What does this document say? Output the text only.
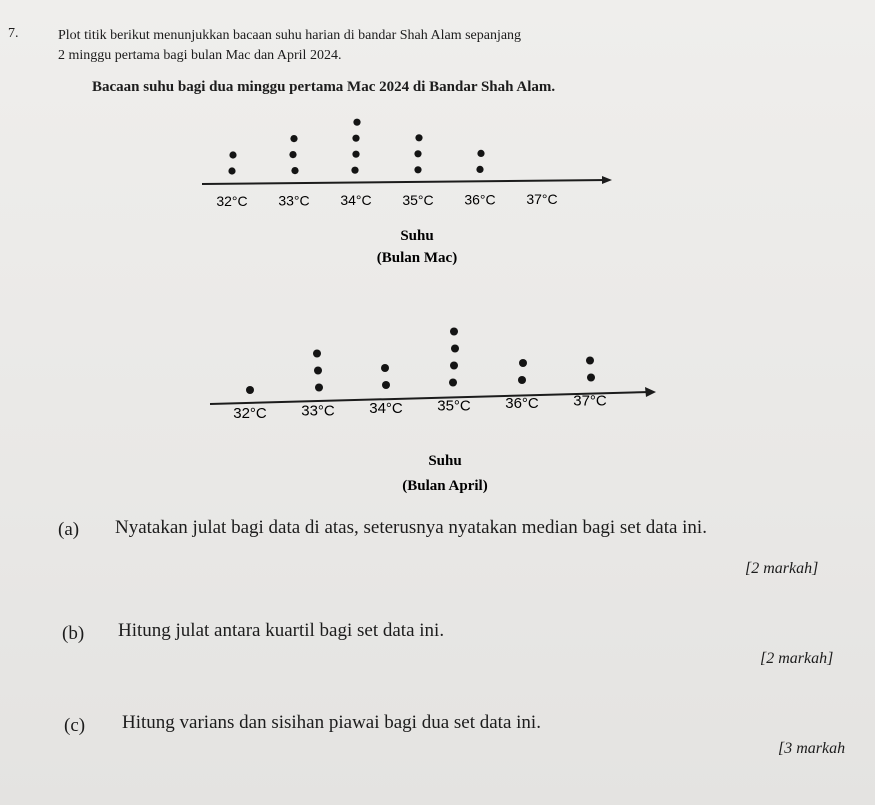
7.	Plot titik berikut menunjukkan bacaan suhu harian di bandar Shah Alam sepanjang
2 minggu pertama bagi bulan Mac dan April 2024.
Bacaan suhu bagi dua minggu pertama Mac 2024 di Bandar Shah Alam.
32°C 33°C 34°C 35°C 36°C 37°C
Suhu
(Bulan Mac)
32°C 33°C 34°C 35°C 36°C 37°C
Suhu
(Bulan April)
(a) Nyatakan julat bagi data di atas, seterusnya nyatakan median bagi set data ini.
[2 markah]
(b) Hitung julat antara kuartil bagi set data ini.
[2 markah]
(c) Hitung varians dan sisihan piawai bagi dua set data ini.
[3 markah
